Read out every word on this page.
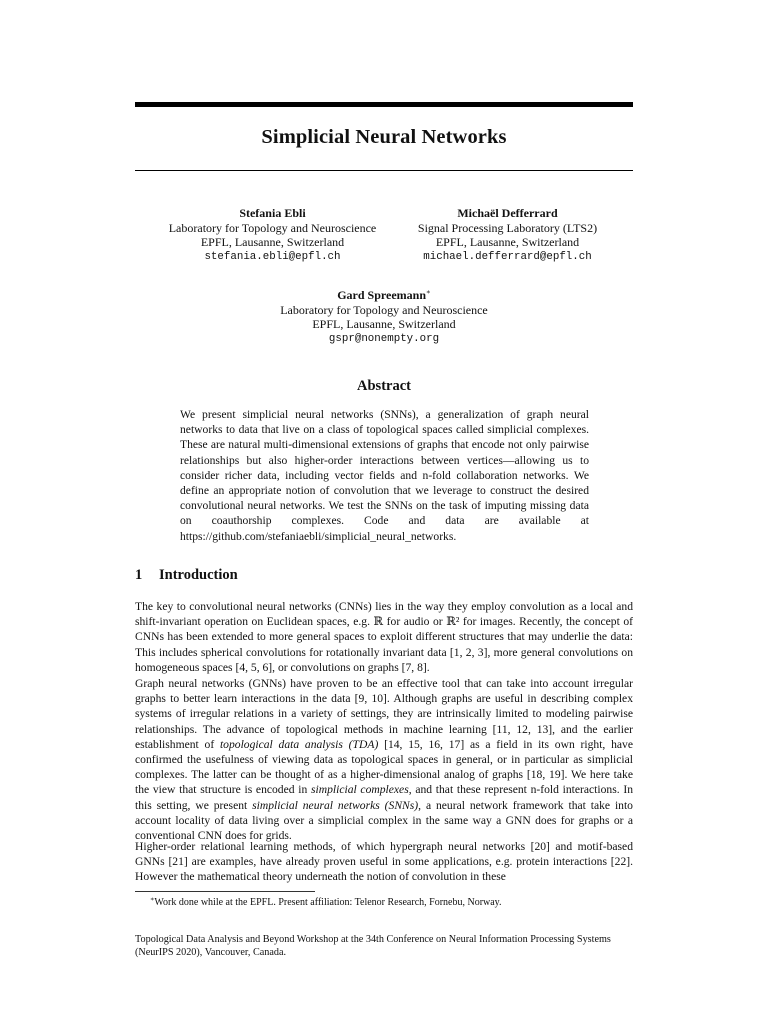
Simplicial Neural Networks
Stefania Ebli
Laboratory for Topology and Neuroscience
EPFL, Lausanne, Switzerland
stefania.ebli@epfl.ch
Michaël Defferrard
Signal Processing Laboratory (LTS2)
EPFL, Lausanne, Switzerland
michael.defferrard@epfl.ch
Gard Spreemann∗
Laboratory for Topology and Neuroscience
EPFL, Lausanne, Switzerland
gspr@nonempty.org
Abstract
We present simplicial neural networks (SNNs), a generalization of graph neural networks to data that live on a class of topological spaces called simplicial complexes. These are natural multi-dimensional extensions of graphs that encode not only pairwise relationships but also higher-order interactions between vertices—allowing us to consider richer data, including vector fields and n-fold collaboration networks. We define an appropriate notion of convolution that we leverage to construct the desired convolutional neural networks. We test the SNNs on the task of imputing missing data on coauthorship complexes. Code and data are available at https://github.com/stefaniaebli/simplicial_neural_networks.
1 Introduction
The key to convolutional neural networks (CNNs) lies in the way they employ convolution as a local and shift-invariant operation on Euclidean spaces, e.g. ℝ for audio or ℝ² for images. Recently, the concept of CNNs has been extended to more general spaces to exploit different structures that may underlie the data: This includes spherical convolutions for rotationally invariant data [1, 2, 3], more general convolutions on homogeneous spaces [4, 5, 6], or convolutions on graphs [7, 8].
Graph neural networks (GNNs) have proven to be an effective tool that can take into account irregular graphs to better learn interactions in the data [9, 10]. Although graphs are useful in describing complex systems of irregular relations in a variety of settings, they are intrinsically limited to modeling pairwise relationships. The advance of topological methods in machine learning [11, 12, 13], and the earlier establishment of topological data analysis (TDA) [14, 15, 16, 17] as a field in its own right, have confirmed the usefulness of viewing data as topological spaces in general, or in particular as simplicial complexes. The latter can be thought of as a higher-dimensional analog of graphs [18, 19]. We here take the view that structure is encoded in simplicial complexes, and that these represent n-fold interactions. In this setting, we present simplicial neural networks (SNNs), a neural network framework that take into account locality of data living over a simplicial complex in the same way a GNN does for graphs or a conventional CNN does for grids.
Higher-order relational learning methods, of which hypergraph neural networks [20] and motif-based GNNs [21] are examples, have already proven useful in some applications, e.g. protein interactions [22]. However the mathematical theory underneath the notion of convolution in these
∗Work done while at the EPFL. Present affiliation: Telenor Research, Fornebu, Norway.
Topological Data Analysis and Beyond Workshop at the 34th Conference on Neural Information Processing Systems (NeurIPS 2020), Vancouver, Canada.
